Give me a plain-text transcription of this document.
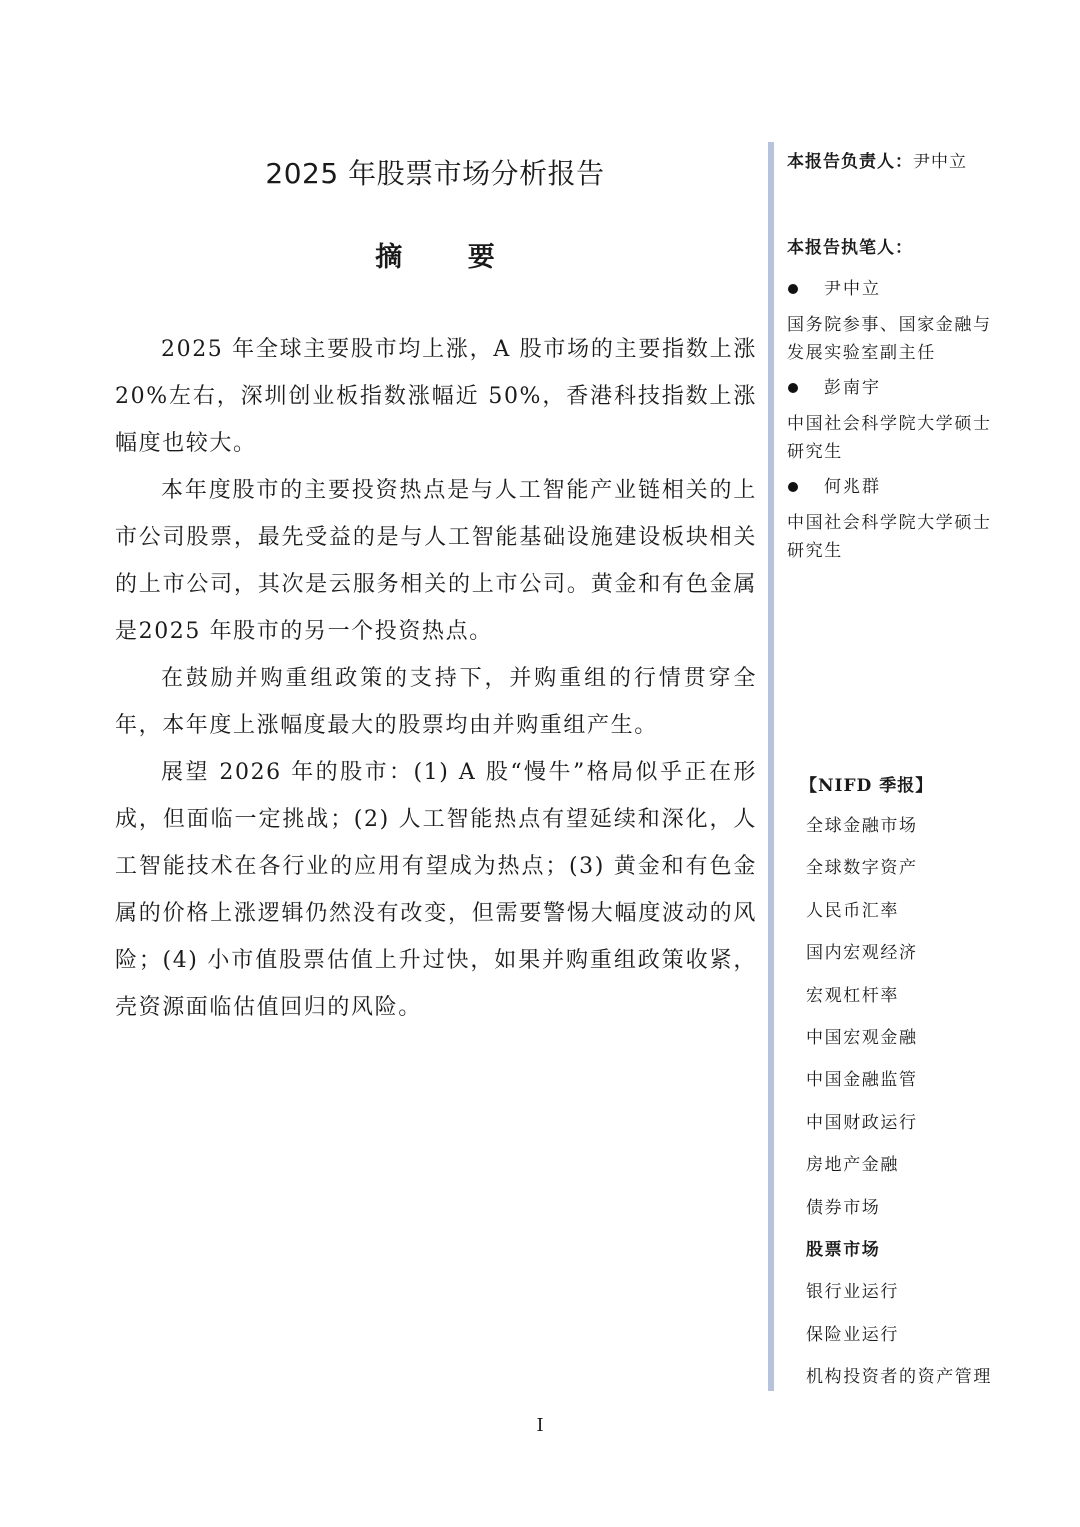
2025 年股票市场分析报告
摘 要

2025 年全球主要股市均上涨，A 股市场的主要指数上涨20%左右，深圳创业板指数涨幅近 50%，香港科技指数上涨幅度也较大。

本年度股市的主要投资热点是与人工智能产业链相关的上市公司股票，最先受益的是与人工智能基础设施建设板块相关的上市公司，其次是云服务相关的上市公司。黄金和有色金属是2025 年股市的另一个投资热点。

在鼓励并购重组政策的支持下，并购重组的行情贯穿全年，本年度上涨幅度最大的股票均由并购重组产生。

展望 2026 年的股市：(1) A 股“慢牛”格局似乎正在形成，但面临一定挑战；(2) 人工智能热点有望延续和深化，人工智能技术在各行业的应用有望成为热点；(3) 黄金和有色金属的价格上涨逻辑仍然没有改变，但需要警惕大幅度波动的风险；(4) 小市值股票估值上升过快，如果并购重组政策收紧，壳资源面临估值回归的风险。

本报告负责人：尹中立

本报告执笔人：

尹中立

国务院参事、国家金融与

发展实验室副主任

彭南宇

中国社会科学院大学硕士

研究生

何兆群

中国社会科学院大学硕士

研究生

【NIFD 季报】
全球金融市场
全球数字资产
人民币汇率
国内宏观经济
宏观杠杆率
中国宏观金融
中国金融监管
中国财政运行
房地产金融
债券市场
股票市场
银行业运行
保险业运行
机构投资者的资产管理
I
